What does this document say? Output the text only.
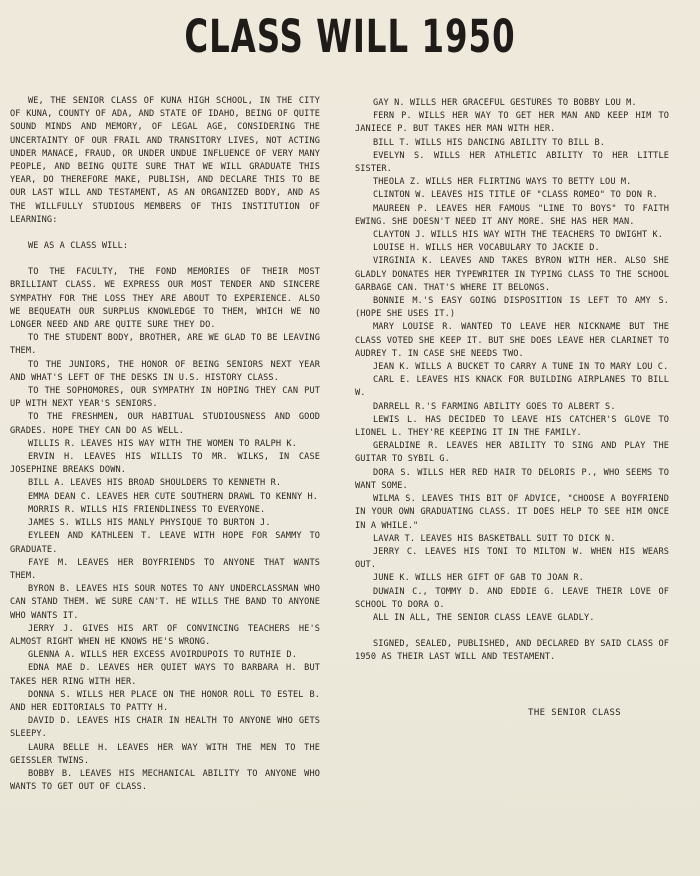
CLASS WILL 1950

WE, THE SENIOR CLASS OF KUNA HIGH SCHOOL, IN THE CITY OF KUNA, COUNTY OF ADA, AND STATE OF IDAHO, BEING OF QUITE SOUND MINDS AND MEMORY, OF LEGAL AGE, CONSIDERING THE UNCERTAINTY OF OUR FRAIL AND TRANSITORY LIVES, NOT ACTING UNDER MANACE, FRAUD, OR UNDER UNDUE INFLUENCE OF VERY MANY PEOPLE, AND BEING QUITE SURE THAT WE WILL GRADUATE THIS YEAR, DO THEREFORE MAKE, PUBLISH, AND DECLARE THIS TO BE OUR LAST WILL AND TESTAMENT, AS AN ORGANIZED BODY, AND AS THE WILLFULLY STUDIOUS MEMBERS OF THIS INSTITUTION OF LEARNING:

WE AS A CLASS WILL:

TO THE FACULTY, THE FOND MEMORIES OF THEIR MOST BRILLIANT CLASS. WE EXPRESS OUR MOST TENDER AND SINCERE SYMPATHY FOR THE LOSS THEY ARE ABOUT TO EXPERIENCE. ALSO WE BEQUEATH OUR SURPLUS KNOWLEDGE TO THEM, WHICH WE NO LONGER NEED AND ARE QUITE SURE THEY DO.

TO THE STUDENT BODY, BROTHER, ARE WE GLAD TO BE LEAVING THEM.

TO THE JUNIORS, THE HONOR OF BEING SENIORS NEXT YEAR AND WHAT'S LEFT OF THE DESKS IN U.S. HISTORY CLASS.

TO THE SOPHOMORES, OUR SYMPATHY IN HOPING THEY CAN PUT UP WITH NEXT YEAR'S SENIORS.

TO THE FRESHMEN, OUR HABITUAL STUDIOUSNESS AND GOOD GRADES. HOPE THEY CAN DO AS WELL.

WILLIS R. LEAVES HIS WAY WITH THE WOMEN TO RALPH K.

ERVIN H. LEAVES HIS WILLIS TO MR. WILKS, IN CASE JOSEPHINE BREAKS DOWN.

BILL A. LEAVES HIS BROAD SHOULDERS TO KENNETH R.

EMMA DEAN C. LEAVES HER CUTE SOUTHERN DRAWL TO KENNY H.

MORRIS R. WILLS HIS FRIENDLINESS TO EVERYONE.

JAMES S. WILLS HIS MANLY PHYSIQUE TO BURTON J.

EYLEEN AND KATHLEEN T. LEAVE WITH HOPE FOR SAMMY TO GRADUATE.

FAYE M. LEAVES HER BOYFRIENDS TO ANYONE THAT WANTS THEM.

BYRON B. LEAVES HIS SOUR NOTES TO ANY UNDERCLASSMAN WHO CAN STAND THEM. WE SURE CAN'T. HE WILLS THE BAND TO ANYONE WHO WANTS IT.

JERRY J. GIVES HIS ART OF CONVINCING TEACHERS HE'S ALMOST RIGHT WHEN HE KNOWS HE'S WRONG.

GLENNA A. WILLS HER EXCESS AVOIRDUPOIS TO RUTHIE D.

EDNA MAE D. LEAVES HER QUIET WAYS TO BARBARA H. BUT TAKES HER RING WITH HER.

DONNA S. WILLS HER PLACE ON THE HONOR ROLL TO ESTEL B. AND HER EDITORIALS TO PATTY H.

DAVID D. LEAVES HIS CHAIR IN HEALTH TO ANYONE WHO GETS SLEEPY.

LAURA BELLE H. LEAVES HER WAY WITH THE MEN TO THE GEISSLER TWINS.

BOBBY B. LEAVES HIS MECHANICAL ABILITY TO ANYONE WHO WANTS TO GET OUT OF CLASS.

GAY N. WILLS HER GRACEFUL GESTURES TO BOBBY LOU M.

FERN P. WILLS HER WAY TO GET HER MAN AND KEEP HIM TO JANIECE P. BUT TAKES HER MAN WITH HER.

BILL T. WILLS HIS DANCING ABILITY TO BILL B.

EVELYN S. WILLS HER ATHLETIC ABILITY TO HER LITTLE SISTER.

THEOLA Z. WILLS HER FLIRTING WAYS TO BETTY LOU M.

CLINTON W. LEAVES HIS TITLE OF "CLASS ROMEO" TO DON R.

MAUREEN P. LEAVES HER FAMOUS "LINE TO BOYS" TO FAITH EWING. SHE DOESN'T NEED IT ANY MORE. SHE HAS HER MAN.

CLAYTON J. WILLS HIS WAY WITH THE TEACHERS TO DWIGHT K.

LOUISE H. WILLS HER VOCABULARY TO JACKIE D.

VIRGINIA K. LEAVES AND TAKES BYRON WITH HER. ALSO SHE GLADLY DONATES HER TYPEWRITER IN TYPING CLASS TO THE SCHOOL GARBAGE CAN. THAT'S WHERE IT BELONGS.

BONNIE M.'S EASY GOING DISPOSITION IS LEFT TO AMY S. (HOPE SHE USES IT.)

MARY LOUISE R. WANTED TO LEAVE HER NICKNAME BUT THE CLASS VOTED SHE KEEP IT. BUT SHE DOES LEAVE HER CLARINET TO AUDREY T. IN CASE SHE NEEDS TWO.

JEAN K. WILLS A BUCKET TO CARRY A TUNE IN TO MARY LOU C.

CARL E. LEAVES HIS KNACK FOR BUILDING AIRPLANES TO BILL W.

DARRELL R.'S FARMING ABILITY GOES TO ALBERT S.

LEWIS L. HAS DECIDED TO LEAVE HIS CATCHER'S GLOVE TO LIONEL L. THEY'RE KEEPING IT IN THE FAMILY.

GERALDINE R. LEAVES HER ABILITY TO SING AND PLAY THE GUITAR TO SYBIL G.

DORA S. WILLS HER RED HAIR TO DELORIS P., WHO SEEMS TO WANT SOME.

WILMA S. LEAVES THIS BIT OF ADVICE, "CHOOSE A BOYFRIEND IN YOUR OWN GRADUATING CLASS. IT DOES HELP TO SEE HIM ONCE IN A WHILE."

LAVAR T. LEAVES HIS BASKETBALL SUIT TO DICK N.

JERRY C. LEAVES HIS TONI TO MILTON W. WHEN HIS WEARS OUT.

JUNE K. WILLS HER GIFT OF GAB TO JOAN R.

DUWAIN C., TOMMY D. AND EDDIE G. LEAVE THEIR LOVE OF SCHOOL TO DORA O.

ALL IN ALL, THE SENIOR CLASS LEAVE GLADLY.

SIGNED, SEALED, PUBLISHED, AND DECLARED BY SAID CLASS OF 1950 AS THEIR LAST WILL AND TESTAMENT.

THE SENIOR CLASS
